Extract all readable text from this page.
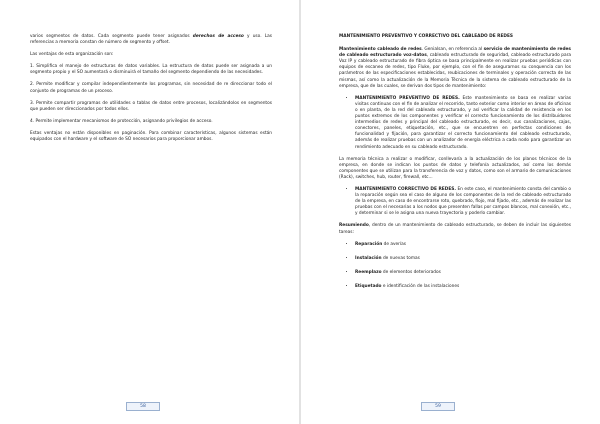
varios segmentos de datos. Cada segmento puede tener asignados derechos de acceso y uso. Las referencias a memoria constan de número de segmento y offset.

Las ventajas de esta organización son:

1. Simplifica el manejo de estructuras de datos variables. La estructura de datos puede ser asignada a un segmento propio y el SO aumentará o disminuirá el tamaño del segmento dependiendo de las necesidades.

2. Permite modificar y compilar independientemente los programas, sin necesidad de re direccionar todo el conjunto de programas de un proceso.

3. Permite compartir programas de utilidades o tablas de datos entre procesos, localizándolos en segmentos que pueden ser direccionados por todos ellos.

4. Permite implementar mecanismos de protección, asignando privilegios de acceso.

Estas ventajas no están disponibles en paginación. Para combinar características, algunos sistemas están equipados con el hardware y el software de SO necesarios para proporcionar ambos.

58

MANTENIMIENTO PREVENTIVO Y CORRECTIVO DEL CABLEADO DE REDES

Mantenimiento cableado de redes. Genialsan, en referencia al servicio de mantenimiento de redes de cableado estructurado voz-datos, cableado estructurado de seguridad, cableado estructurado para Voz IP y cableado estructurado de fibra óptica se basa principalmente en realizar pruebas periódicas con equipos de escaneo de redes, tipo Fluke, por ejemplo, con el fin de asegurarnos su conquencia con los parámetros de las especificaciones establecidas, reubicaciones de terminales y operación correcta de las mismas, así como la actualización de la Memoria Técnica de la sistema de cableado estructurado de la empresa, que de las cuales, se derivan dos tipos de mantenimiento:

• MANTENIMIENTO PREVENTIVO DE REDES. Este mantenimiento se basa en realizar varias visitas continuas con el fin de analizar el recorrido, tanto exterior como interior en áreas de oficinas o en planta, de la red del cableado estructurado, y así verificar la calidad de resistencia en los puntos extremos de los componentes y verificar el correcto funcionamiento de los distribuidores intermedios de redes y principal del cableado estructurado, es decir, sus canalizaciones, cajas, conectores, paneles, etiquetación, etc., que se encuentren en perfectas condiciones de funcionalidad y fijación, para garantizar el correcto funcionamiento del cableado estructurado, además de realizar pruebas con un analizador de energía eléctrica a cada nodo para garantizar un rendimiento adecuado en su cableado estructurado.

La memoria técnica a realizar o modificar, conllevaría a la actualización de los planos técnicos de la empresa, en donde se indican los puntos de datos y telefonía actualizados, así como los demás componentes que se utilizan para la transferencia de voz y datos, como son el armario de comunicaciones (Rack), switches, hub, router, firewall, etc...

• MANTENIMIENTO CORRECTIVO DE REDES. En este caso, el mantenimiento consta del cambio o la reparación según sea el caso de alguno de los componentes de la red de cableado estructurado de la empresa, en caso de encontrarse roto, quebrado, flojo, mal fijado, etc., además de realizar las pruebas con el necesarias a los nodos que presenten fallas por campos blancos, mal conexión, etc., y determinar si se le asigna una nueva trayectoria y poderlo cambiar.

Resumiendo, dentro de un mantenimiento de cableado estructurado, se deben de incluir las siguientes tareas:

• Reparación de averías
• Instalación de nuevas tomas
• Reemplazo de elementos deteriorados
• Etiquetado e identificación de las instalaciones
59
